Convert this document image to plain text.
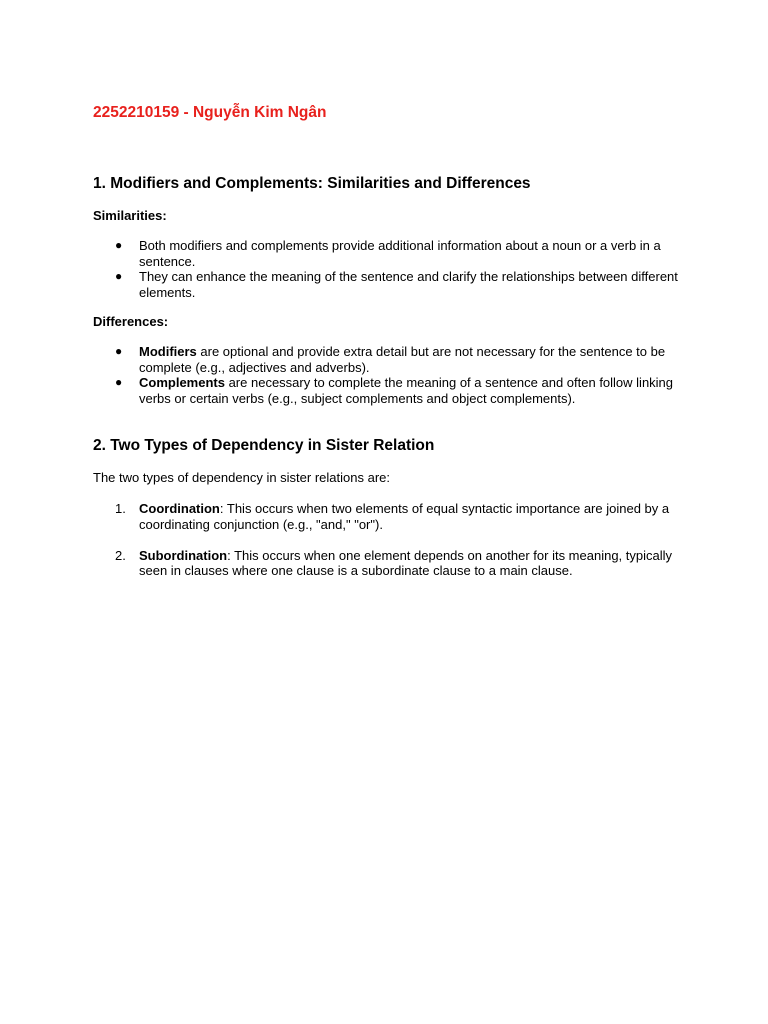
2252210159 - Nguyễn Kim Ngân
1. Modifiers and Complements: Similarities and Differences
Similarities:
● Both modifiers and complements provide additional information about a noun or a verb in a sentence.
● They can enhance the meaning of the sentence and clarify the relationships between different elements.
Differences:
● Modifiers are optional and provide extra detail but are not necessary for the sentence to be complete (e.g., adjectives and adverbs).
● Complements are necessary to complete the meaning of a sentence and often follow linking verbs or certain verbs (e.g., subject complements and object complements).
2. Two Types of Dependency in Sister Relation
The two types of dependency in sister relations are:
1. Coordination: This occurs when two elements of equal syntactic importance are joined by a coordinating conjunction (e.g., "and," "or").
2. Subordination: This occurs when one element depends on another for its meaning, typically seen in clauses where one clause is a subordinate clause to a main clause.
